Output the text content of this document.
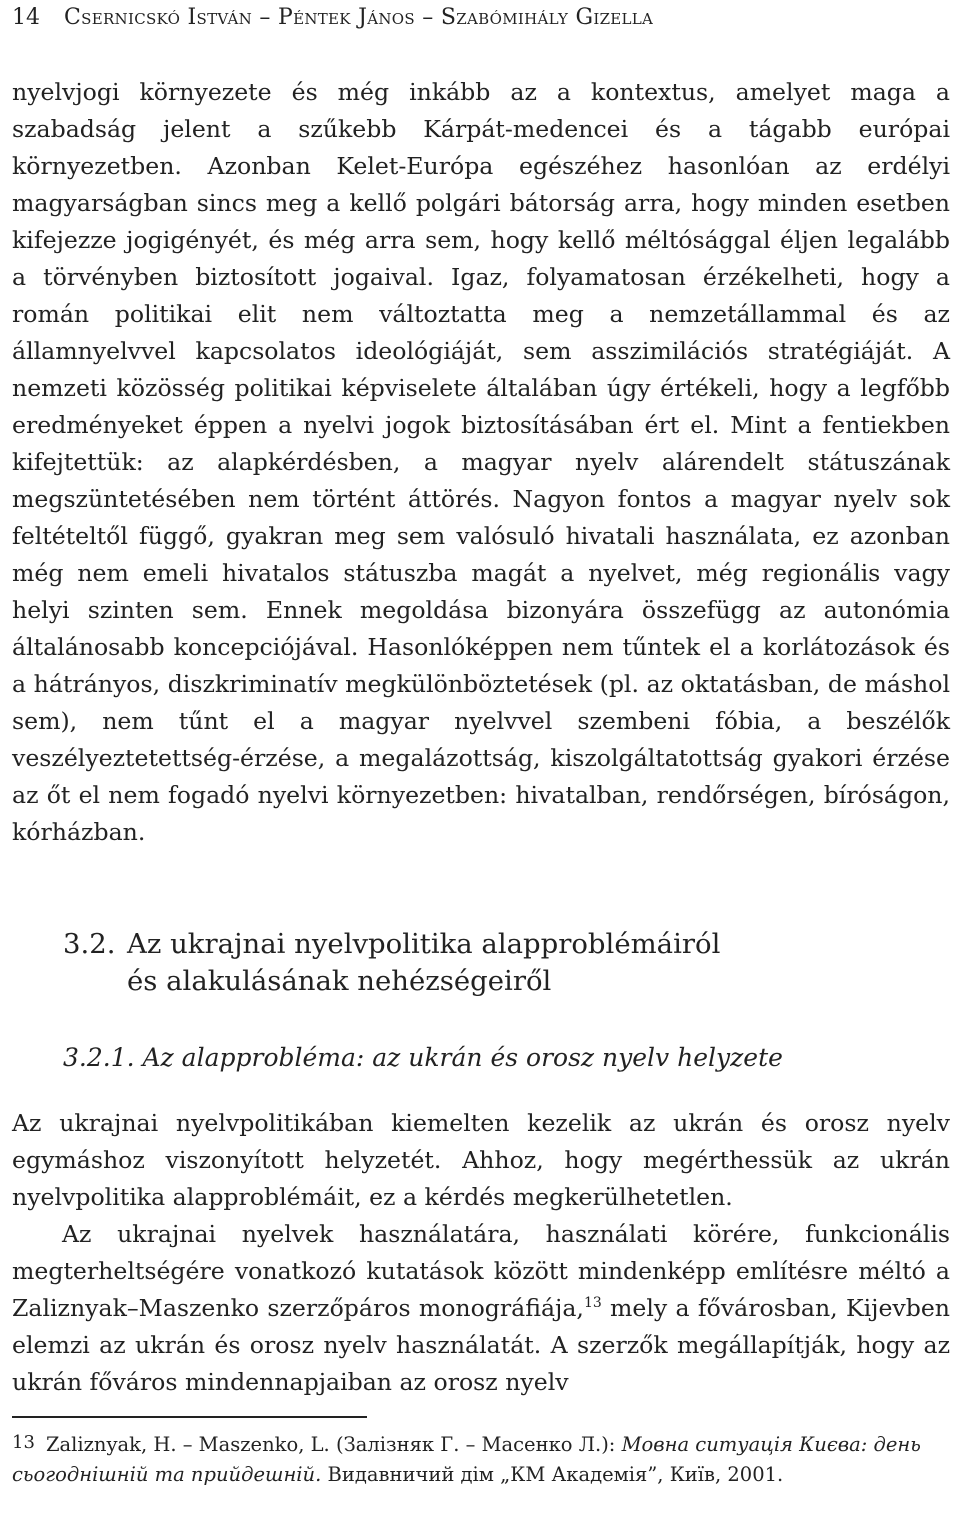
14 Csernicskó István – Péntek János – Szabómihály Gizella

nyelvjogi környezete és még inkább az a kontextus, amelyet maga a szabadság jelent a szűkebb Kárpát-medencei és a tágabb európai környezetben. Azonban Kelet-Európa egészéhez hasonlóan az erdélyi magyarságban sincs meg a kellő polgári bátorság arra, hogy minden esetben kifejezze jogigényét, és még arra sem, hogy kellő méltósággal éljen legalább a törvényben biztosított jogaival. Igaz, folyamatosan érzékelheti, hogy a román politikai elit nem változtatta meg a nemzetállammal és az államnyelvvel kapcsolatos ideológiáját, sem asszimilációs stratégiáját. A nemzeti közösség politikai képviselete általában úgy értékeli, hogy a legfőbb eredményeket éppen a nyelvi jogok biztosításában ért el. Mint a fentiekben kifejtettük: az alapkérdésben, a magyar nyelv alárendelt státuszának megszüntetésében nem történt áttörés. Nagyon fontos a magyar nyelv sok feltételtől függő, gyakran meg sem valósuló hivatali használata, ez azonban még nem emeli hivatalos státuszba magát a nyelvet, még regionális vagy helyi szinten sem. Ennek megoldása bizonyára összefügg az autonómia általánosabb koncepciójával. Hasonlóképpen nem tűntek el a korlátozások és a hátrányos, diszkriminatív megkülönböztetések (pl. az oktatásban, de máshol sem), nem tűnt el a magyar nyelvvel szembeni fóbia, a beszélők veszélyeztetettség-érzése, a megalázottság, kiszolgáltatottság gyakori érzése az őt el nem fogadó nyelvi környezetben: hivatalban, rendőrségen, bíróságon, kórházban.

3.2. Az ukrajnai nyelvpolitika alapproblémáiról
és alakulásának nehézségeiről
3.2.1. Az alapprobléma: az ukrán és orosz nyelv helyzete

Az ukrajnai nyelvpolitikában kiemelten kezelik az ukrán és orosz nyelv egymáshoz viszonyított helyzetét. Ahhoz, hogy megérthessük az ukrán nyelvpolitika alapproblémáit, ez a kérdés megkerülhetetlen.

Az ukrajnai nyelvek használatára, használati körére, funkcionális megterheltségére vonatkozó kutatások között mindenképp említésre méltó a Zaliznyak–Maszenko szerzőpáros monográfiája,$^{13}$ mely a fővárosban, Kijevben elemzi az ukrán és orosz nyelv használatát. A szerzők megállapítják, hogy az ukrán főváros mindennapjaiban az orosz nyelv

13 Zaliznyak, H. – Maszenko, L. (Залізняк Г. – Масенко Л.): Мовна ситуація Києва: день сьогоднішній та прийдешній. Видавничий дім „КМ Академія”, Київ, 2001.
